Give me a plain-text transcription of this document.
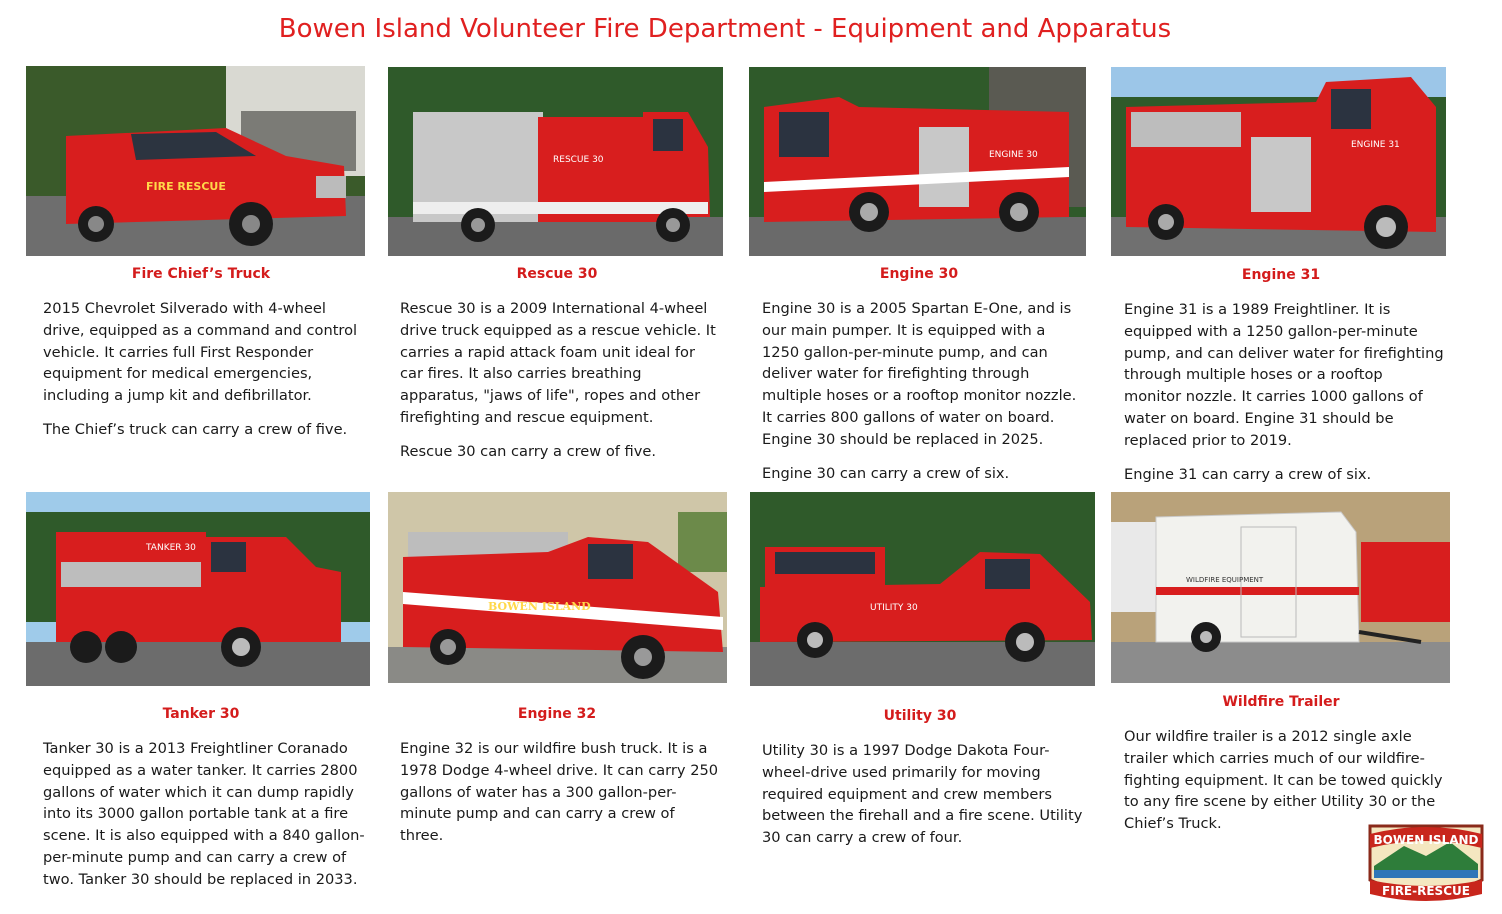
Bowen Island Volunteer Fire Department - Equipment and Apparatus
FIRE RESCUE
Fire Chief’s Truck

2015 Chevrolet Silverado with 4-wheel drive, equipped as a command and control vehicle. It carries full First Responder equipment for medical emergencies, including a jump kit and defibrillator.

The Chief’s truck can carry a crew of five.

RESCUE 30
Rescue 30

Rescue 30 is a 2009 International 4-wheel drive truck equipped as a rescue vehicle. It carries a rapid attack foam unit ideal for car fires. It also carries breathing apparatus, "jaws of life", ropes and other firefighting and rescue equipment.

Rescue 30 can carry a crew of five.

ENGINE 30
Engine 30

Engine 30 is a 2005 Spartan E-One, and is our main pumper. It is equipped with a 1250 gallon-per-minute pump, and can deliver water for firefighting through multiple hoses or a rooftop monitor nozzle. It carries 800 gallons of water on board. Engine 30 should be replaced in 2025.

Engine 30 can carry a crew of six.

ENGINE 31
Engine 31

Engine 31 is a 1989 Freightliner. It is equipped with a 1250 gallon-per-minute pump, and can deliver water for firefighting through multiple hoses or a rooftop monitor nozzle. It carries 1000 gallons of water on board. Engine 31 should be replaced prior to 2019.

Engine 31 can carry a crew of six.

TANKER 30
Tanker 30

Tanker 30 is a 2013 Freightliner Coranado equipped as a water tanker. It carries 2800 gallons of water which it can dump rapidly into its 3000 gallon portable tank at a fire scene. It is also equipped with a 840 gallon-per-minute pump and can carry a crew of two. Tanker 30 should be replaced in 2033.

BOWEN ISLAND
Engine 32

Engine 32 is our wildfire bush truck. It is a 1978 Dodge 4-wheel drive. It can carry 250 gallons of water has a 300 gallon-per-minute pump and can carry a crew of three.

UTILITY 30
Utility 30

Utility 30 is a 1997 Dodge Dakota Four-wheel-drive used primarily for moving required equipment and crew members between the firehall and a fire scene. Utility 30 can carry a crew of four.

WILDFIRE EQUIPMENT
Wildfire Trailer

Our wildfire trailer is a 2012 single axle trailer which carries much of our wildfire-fighting equipment. It can be towed quickly to any fire scene by either Utility 30 or the Chief’s Truck.

BOWEN ISLAND
FIRE-RESCUE
